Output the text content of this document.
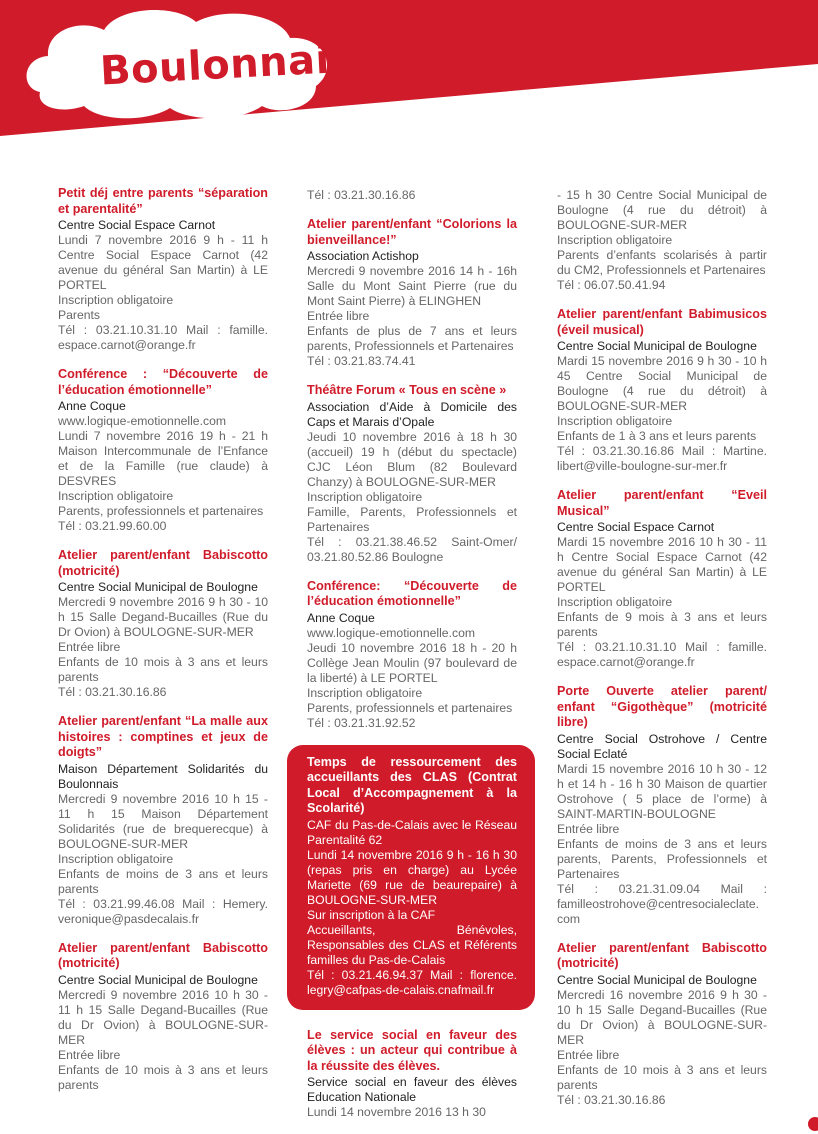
Boulonnais
Petit déj entre parents “séparation et parentalité”
Centre Social Espace Carnot
Lundi 7 novembre 2016 9 h - 11 h Centre Social Espace Carnot (42 avenue du général San Martin) à LE PORTEL
Inscription obligatoire
Parents
Tél : 03.21.10.31.10 Mail : famille. espace.carnot@orange.fr
Conférence : “Découverte de l’éducation émotionnelle”
Anne Coque
www.logique-emotionnelle.com
Lundi 7 novembre 2016 19 h - 21 h Maison Intercommunale de l’Enfance et de la Famille (rue claude) à DESVRES
Inscription obligatoire
Parents, professionnels et partenaires
Tél : 03.21.99.60.00
Atelier parent/enfant Babiscotto (motricité)
Centre Social Municipal de Boulogne
Mercredi 9 novembre 2016 9 h 30 - 10 h 15 Salle Degand-Bucailles (Rue du Dr Ovion) à BOULOGNE-SUR-MER
Entrée libre
Enfants de 10 mois à 3 ans et leurs parents
Tél : 03.21.30.16.86
Atelier parent/enfant “La malle aux histoires : comptines et jeux de doigts”
Maison Département Solidarités du Boulonnais
Mercredi 9 novembre 2016 10 h 15 - 11 h 15 Maison Département Solidarités (rue de brequerecque) à BOULOGNE-SUR-MER
Inscription obligatoire
Enfants de moins de 3 ans et leurs parents
Tél : 03.21.99.46.08 Mail : Hemery. veronique@pasdecalais.fr
Atelier parent/enfant Babiscotto (motricité)
Centre Social Municipal de Boulogne
Mercredi 9 novembre 2016 10 h 30 - 11 h 15 Salle Degand-Bucailles (Rue du Dr Ovion) à BOULOGNE-SUR-MER
Entrée libre
Enfants de 10 mois à 3 ans et leurs parents
Tél : 03.21.30.16.86
Atelier parent/enfant “Colorions la bienveillance!”
Association Actishop
Mercredi 9 novembre 2016 14 h - 16h Salle du Mont Saint Pierre (rue du Mont Saint Pierre) à ELINGHEN
Entrée libre
Enfants de plus de 7 ans et leurs parents, Professionnels et Partenaires
Tél : 03.21.83.74.41
Théâtre Forum « Tous en scène »
Association d’Aide à Domicile des Caps et Marais d’Opale
Jeudi 10 novembre 2016 à 18 h 30 (accueil) 19 h (début du spectacle) CJC Léon Blum (82 Boulevard Chanzy) à BOULOGNE-SUR-MER
Inscription obligatoire
Famille, Parents, Professionnels et Partenaires
Tél : 03.21.38.46.52 Saint-Omer/ 03.21.80.52.86 Boulogne
Conférence: “Découverte de l’éducation émotionnelle”
Anne Coque
www.logique-emotionnelle.com
Jeudi 10 novembre 2016 18 h - 20 h Collège Jean Moulin (97 boulevard de la liberté) à LE PORTEL
Inscription obligatoire
Parents, professionnels et partenaires
Tél : 03.21.31.92.52
Temps de ressourcement des accueillants des CLAS (Contrat Local d’Accompagnement à la Scolarité)
CAF du Pas-de-Calais avec le Réseau Parentalité 62
Lundi 14 novembre 2016 9 h - 16 h 30 (repas pris en charge) au Lycée Mariette (69 rue de beaurepaire) à BOULOGNE-SUR-MER
Sur inscription à la CAF
Accueillants, Bénévoles, Responsables des CLAS et Référents familles du Pas-de-Calais
Tél : 03.21.46.94.37 Mail : florence. legry@cafpas-de-calais.cnafmail.fr
Le service social en faveur des élèves : un acteur qui contribue à la réussite des élèves.
Service social en faveur des élèves Education Nationale
Lundi 14 novembre 2016 13 h 30
- 15 h 30 Centre Social Municipal de Boulogne (4 rue du détroit) à BOULOGNE-SUR-MER
Inscription obligatoire
Parents d’enfants scolarisés à partir du CM2, Professionnels et Partenaires
Tél : 06.07.50.41.94
Atelier parent/enfant Babimusicos (éveil musical)
Centre Social Municipal de Boulogne
Mardi 15 novembre 2016 9 h 30 - 10 h 45 Centre Social Municipal de Boulogne (4 rue du détroit) à BOULOGNE-SUR-MER
Inscription obligatoire
Enfants de 1 à 3 ans et leurs parents
Tél : 03.21.30.16.86 Mail : Martine. libert@ville-boulogne-sur-mer.fr
Atelier parent/enfant “Eveil Musical”
Centre Social Espace Carnot
Mardi 15 novembre 2016 10 h 30 - 11 h Centre Social Espace Carnot (42 avenue du général San Martin) à LE PORTEL
Inscription obligatoire
Enfants de 9 mois à 3 ans et leurs parents
Tél : 03.21.10.31.10 Mail : famille. espace.carnot@orange.fr
Porte Ouverte atelier parent/ enfant “Gigothèque” (motricité libre)
Centre Social Ostrohove / Centre Social Eclaté
Mardi 15 novembre 2016 10 h 30 - 12 h et 14 h - 16 h 30 Maison de quartier Ostrohove ( 5 place de l’orme) à SAINT-MARTIN-BOULOGNE
Entrée libre
Enfants de moins de 3 ans et leurs parents, Parents, Professionnels et Partenaires
Tél : 03.21.31.09.04 Mail : familleostrohove@centresocialeclate. com
Atelier parent/enfant Babiscotto (motricité)
Centre Social Municipal de Boulogne
Mercredi 16 novembre 2016 9 h 30 - 10 h 15 Salle Degand-Bucailles (Rue du Dr Ovion) à BOULOGNE-SUR-MER
Entrée libre
Enfants de 10 mois à 3 ans et leurs parents
Tél : 03.21.30.16.86
